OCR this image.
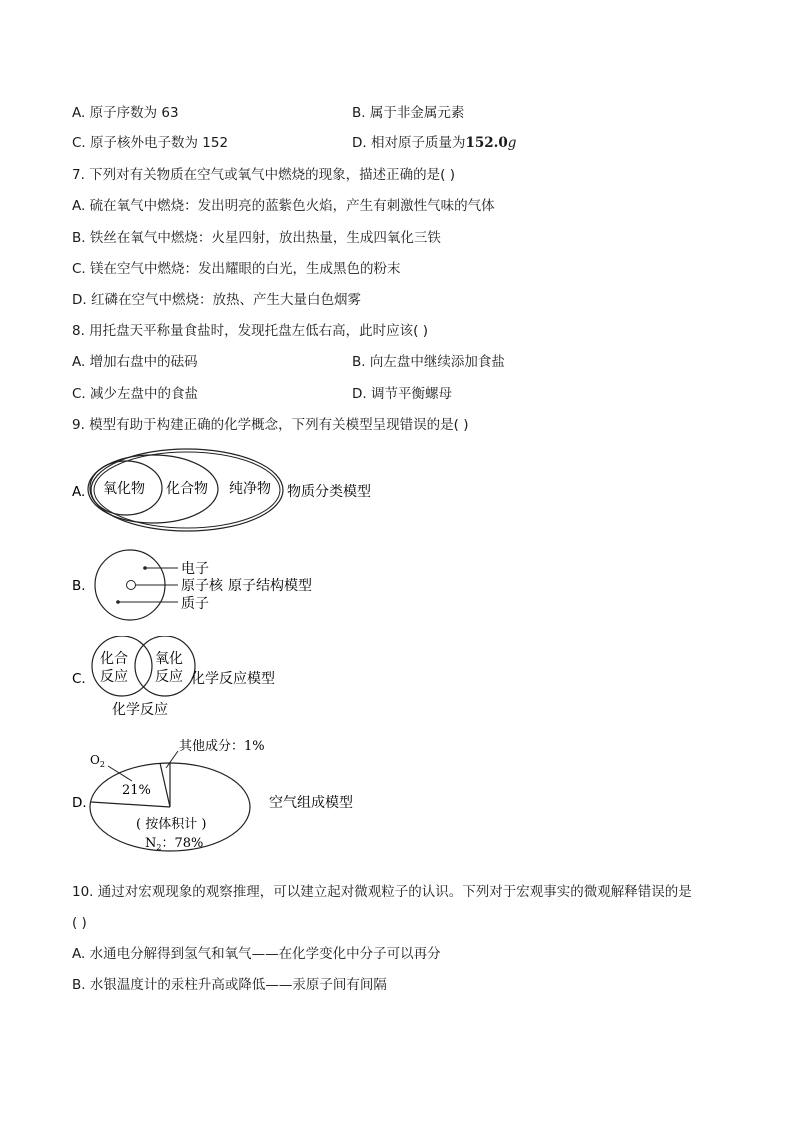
A. 原子序数为 63	B. 属于非金属元素
C. 原子核外电子数为 152	D. 相对原子质量为152.0g
7. 下列对有关物质在空气或氧气中燃烧的现象，描述正确的是( )
A. 硫在氧气中燃烧：发出明亮的蓝紫色火焰，产生有刺激性气味的气体
B. 铁丝在氧气中燃烧：火星四射，放出热量，生成四氧化三铁
C. 镁在空气中燃烧：发出耀眼的白光，生成黑色的粉末
D. 红磷在空气中燃烧：放热、产生大量白色烟雾
8. 用托盘天平称量食盐时，发现托盘左低右高，此时应该( )
A. 增加右盘中的砝码	B. 向左盘中继续添加食盐
C. 减少左盘中的食盐	D. 调节平衡螺母
9. 模型有助于构建正确的化学概念，下列有关模型呈现错误的是( )
A. 氧化物 化合物 纯净物 物质分类模型
B.
电子
原子核
质子
原子结构模型
C.
化合
反应
氧化
反应 化学反应模型
化学反应
D.
$O_2$
21%
其他成分：1%
( 按体积计 )
$N_2$：78%
空气组成模型
10. 通过对宏观现象的观察推理，可以建立起对微观粒子的认识。下列对于宏观事实的微观解释错误的是
( )
A. 水通电分解得到氢气和氧气——在化学变化中分子可以再分
B. 水银温度计的汞柱升高或降低——汞原子间有间隔
